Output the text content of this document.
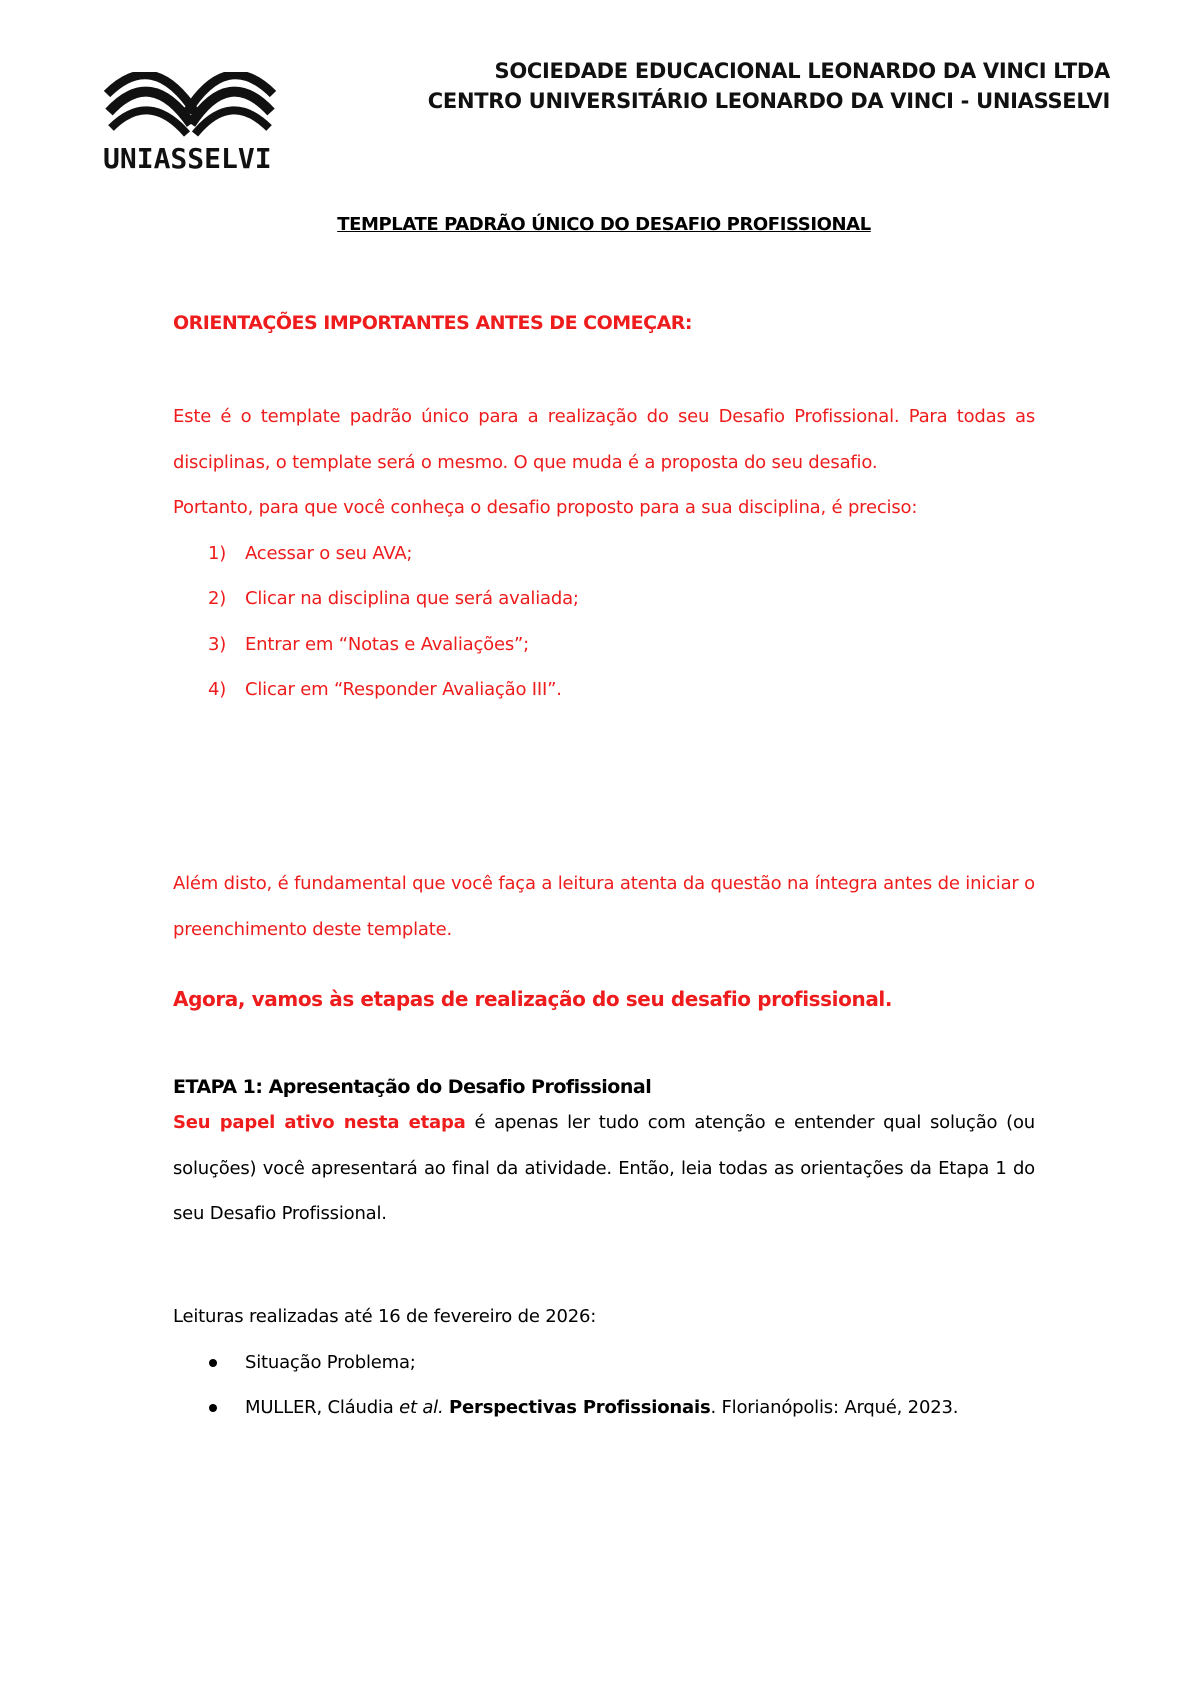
UNIASSELVI
SOCIEDADE EDUCACIONAL LEONARDO DA VINCI LTDA
CENTRO UNIVERSITÁRIO LEONARDO DA VINCI - UNIASSELVI
TEMPLATE PADRÃO ÚNICO DO DESAFIO PROFISSIONAL
ORIENTAÇÕES IMPORTANTES ANTES DE COMEÇAR:

Este é o template padrão único para a realização do seu Desafio Profissional. Para todas as disciplinas, o template será o mesmo. O que muda é a proposta do seu desafio.

Portanto, para que você conheça o desafio proposto para a sua disciplina, é preciso:

1) Acessar o seu AVA;
2) Clicar na disciplina que será avaliada;
3) Entrar em “Notas e Avaliações”;
4) Clicar em “Responder Avaliação III”.

Além disto, é fundamental que você faça a leitura atenta da questão na íntegra antes de iniciar o preenchimento deste template.

Agora, vamos às etapas de realização do seu desafio profissional.
ETAPA 1: Apresentação do Desafio Profissional

Seu papel ativo nesta etapa é apenas ler tudo com atenção e entender qual solução (ou soluções) você apresentará ao final da atividade. Então, leia todas as orientações da Etapa 1 do seu Desafio Profissional.

Leituras realizadas até 16 de fevereiro de 2026:

Situação Problema;
MULLER, Cláudia et al. Perspectivas Profissionais. Florianópolis: Arqué, 2023.
